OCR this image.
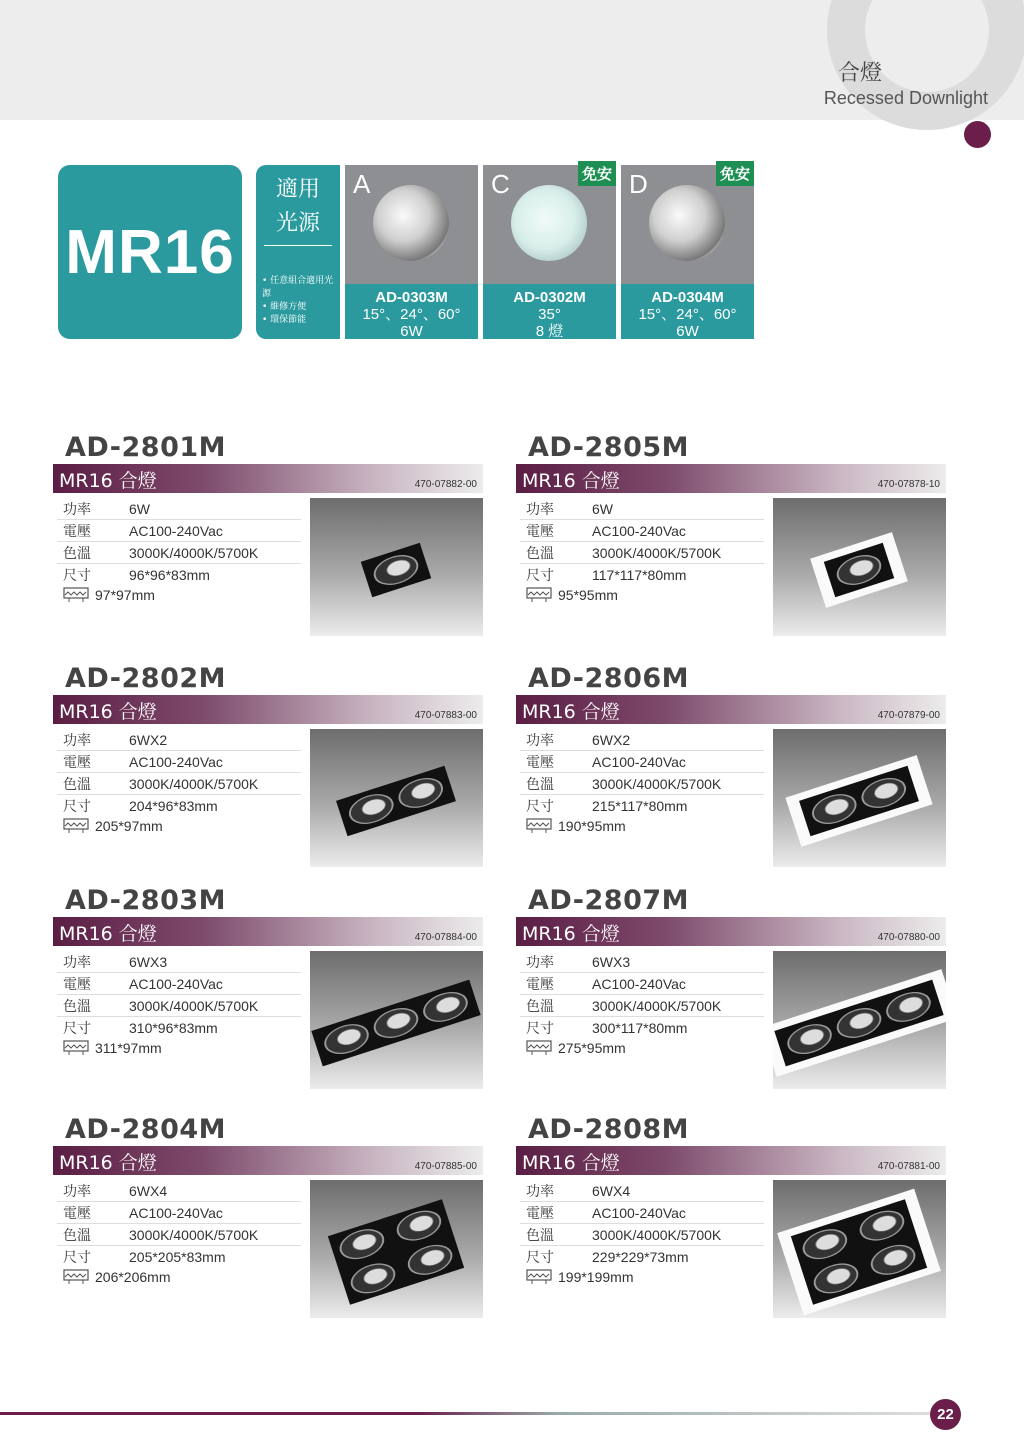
合燈
Recessed Downlight
MR16
適用
光源
• 任意組合適用光源
• 維修方便
• 環保節能
A
AD-0303M
15°、24°、60°
6W
C	免安
AD-0302M
35°
8 燈
D	免安
AD-0304M
15°、24°、60°
6W
AD-2801M
MR16 合燈	470-07882-00
功率	6W
電壓	AC100-240Vac
色溫	3000K/4000K/5700K
尺寸	96*96*83mm
97*97mm
AD-2805M
MR16 合燈	470-07878-10
功率	6W
電壓	AC100-240Vac
色溫	3000K/4000K/5700K
尺寸	117*117*80mm
95*95mm
AD-2802M
MR16 合燈	470-07883-00
功率	6WX2
電壓	AC100-240Vac
色溫	3000K/4000K/5700K
尺寸	204*96*83mm
205*97mm
AD-2806M
MR16 合燈	470-07879-00
功率	6WX2
電壓	AC100-240Vac
色溫	3000K/4000K/5700K
尺寸	215*117*80mm
190*95mm
AD-2803M
MR16 合燈	470-07884-00
功率	6WX3
電壓	AC100-240Vac
色溫	3000K/4000K/5700K
尺寸	310*96*83mm
311*97mm
AD-2807M
MR16 合燈	470-07880-00
功率	6WX3
電壓	AC100-240Vac
色溫	3000K/4000K/5700K
尺寸	300*117*80mm
275*95mm
AD-2804M
MR16 合燈	470-07885-00
功率	6WX4
電壓	AC100-240Vac
色溫	3000K/4000K/5700K
尺寸	205*205*83mm
206*206mm
AD-2808M
MR16 合燈	470-07881-00
功率	6WX4
電壓	AC100-240Vac
色溫	3000K/4000K/5700K
尺寸	229*229*73mm
199*199mm
22
